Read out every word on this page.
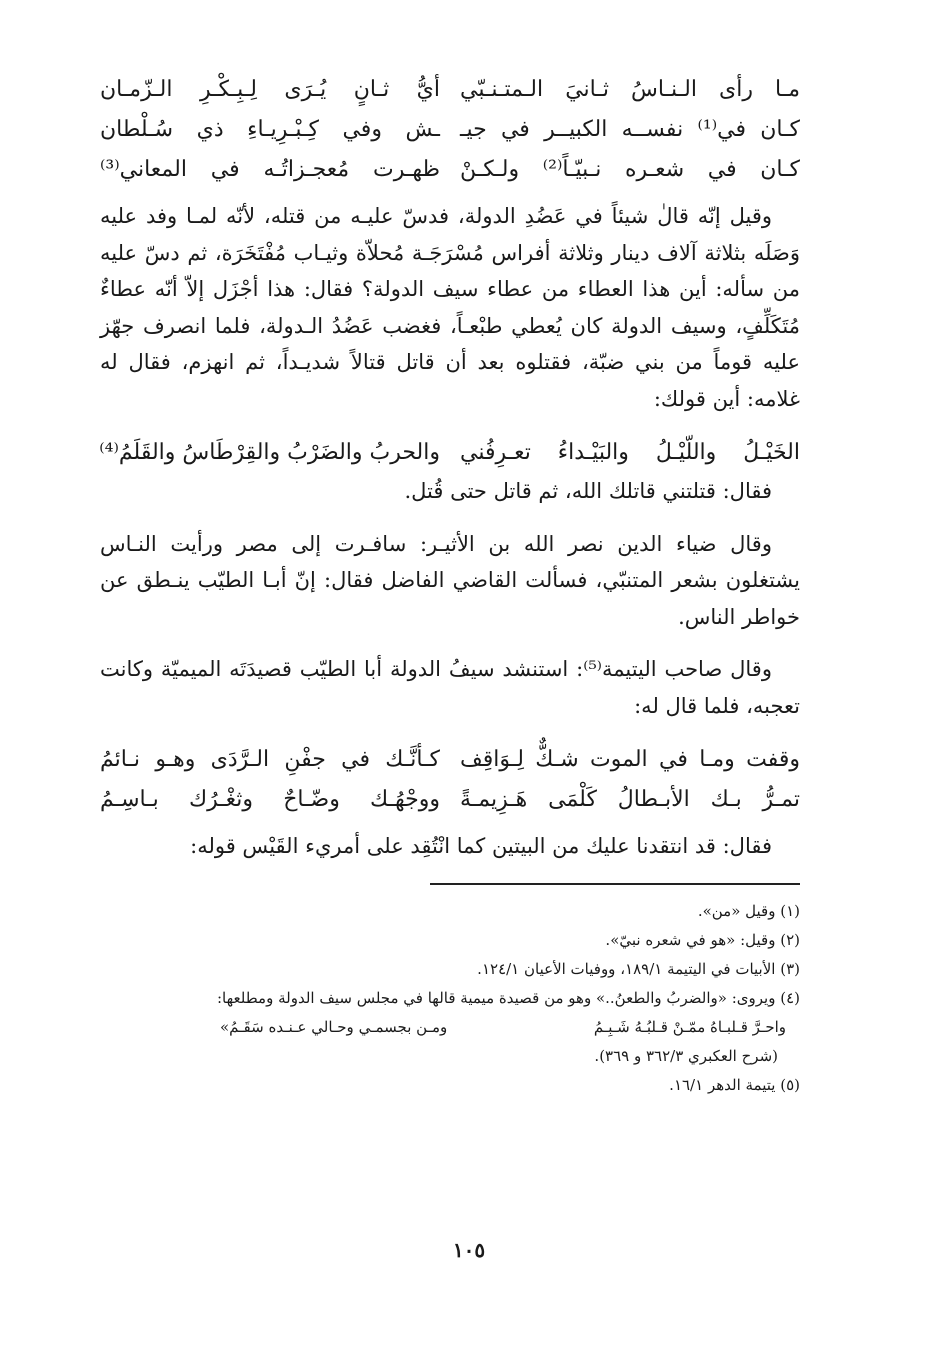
مـا رأى الـنـاسُ ثـانيَ الـمتـنـبّي
أيُّ ثـانٍ يُـرَى لِـبِـكْـرِ الـزّمـان
كـان في⁽¹⁾ نفســه الكبيــر في جيـ
ـش وفي كِـبْـرِيـاءِ ذي سُـلْطان
كـان في شعـره نـبيّـاً⁽²⁾ ولـكـنْ
ظهـرت مُعجـزاتُـه في المعاني⁽³⁾

وقيل إنّه قالٰ شيئاً في عَضُدِ الدولة، فدسّ عليـه من قتله، لأنّه لمـا وفد عليه وَصَلَه بثلاثة آلاف دينار وثلاثة أفراس مُسْرَجَـة مُحلاّة وثيـاب مُفْتَخَرَة، ثم دسّ عليه من سأله: أين هذا العطاء من عطاء سيف الدولة؟ فقال: هذا أجْزَل إلاّ أنّه عطاءٌ مُتَكَلِّفٍ، وسيف الدولة كان يُعطي طبْعـاً، فغضب عَضُدُ الـدولة، فلما انصرف جهّز عليه قوماً من بني ضبّة، فقتلوه بعد أن قاتل قتالاً شديـداً، ثم انهزم، فقال له غلامه: أين قولك:

الخَيْـلُ واللّيْـلُ والبَيْـداءُ تعـرِفُني
والحربُ والضَرْبُ والقِرْطَاسُ والقَلَمُ⁽⁴⁾

فقال: قتلتني قاتلك الله، ثم قاتل حتى قُتل.

وقال ضياء الدين نصر الله بن الأثيـر: سافـرت إلى مصر ورأيت النـاس يشتغلون بشعر المتنبّي، فسألت القاضي الفاضل فقال: إنّ أبـا الطيّب ينـطق عن خواطر الناس.

وقال صاحب اليتيمة⁽⁵⁾: استنشد سيفُ الدولة أبا الطيّب قصيدَتَه الميميّة وكانت تعجبه، فلما قال له:

وقفت ومـا في الموت شـكٌّ لِـوَاقِف
كـأنَّـك في جفْنِ الـرَّدَى وهـو نـائمُ
تمـرُّ بـك الأبـطالُ كَلْمَى هَـزِيمـةً
ووجْهُـك وضّـاحٌ وثغْـرُك بـاسِـمُ

فقال: قد انتقدنا عليك من البيتين كما انْتُقِد على أمريء القَيْس قوله:

(١) وقيل «من».
(٢) وقيل: «هو في شعره نبيّ».
(٣) الأبيات في اليتيمة ١٨٩/١، ووفيات الأعيان ١٢٤/١.
(٤) ويروى: «والضربُ والطعنُ..» وهو من قصيدة ميمية قالها في مجلس سيف الدولة ومطلعها:
واحـرَّ قـلبـاهُ ممّـنْ قـلبُـهُ شَـبِـمُ
ومـن بجسمـي وحـالي عـنـده سَقَـمُ»
(شرح العكبري ٣٦٢/٣ و ٣٦٩).
(٥) يتيمة الدهر ١٦/١.
١٠٥
